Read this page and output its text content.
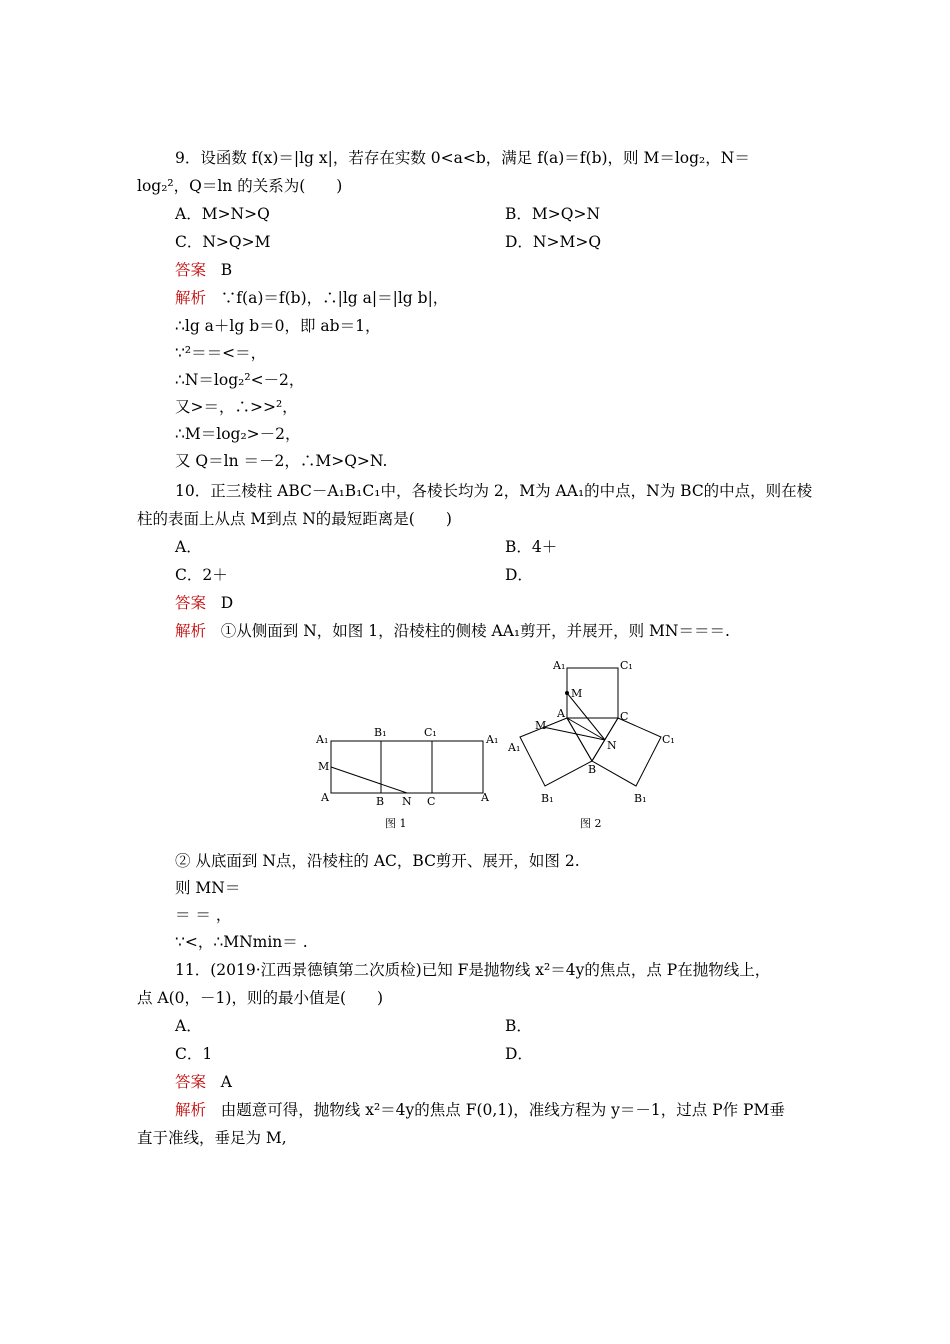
9．设函数 f(x)＝|lg x|，若存在实数 0<a<b，满足 f(a)＝f(b)，则 M＝log₂，N＝
log₂²，Q＝ln 的关系为(　　)
A．M>N>Q	B．M>Q>N
C．N>Q>M	D．N>M>Q
答案 B
解析 ∵f(a)＝f(b)，∴|lg a|＝|lg b|，
∴lg a＋lg b＝0，即 ab＝1，
∵²＝＝<＝，
∴N＝log₂²<－2，
又>＝，∴>>²，
∴M＝log₂>－2，
又 Q＝ln ＝－2，∴M>Q>N.
10．正三棱柱 ABC－A₁B₁C₁中，各棱长均为 2，M为 AA₁的中点，N为 BC的中点，则在棱
柱的表面上从点 M到点 N的最短距离是(　　)
A．	B．4＋
C．2＋	D．
答案 D
解析 ①从侧面到 N，如图 1，沿棱柱的侧棱 AA₁剪开，并展开，则 MN＝＝＝.
A₁
B₁	C₁
A₁
M
A	B N C	A
图 1
A₁	C₁
M
M
A	C
A₁
C₁
N
B
B₁	B₁
图 2
② 从底面到 N点，沿棱柱的 AC，BC剪开、展开，如图 2.
则 MN＝
＝ ＝ ，
∵<，∴MNmin＝ .
11．(2019·江西景德镇第二次质检)已知 F是抛物线 x²＝4y的焦点，点 P在抛物线上，
点 A(0，－1)，则的最小值是(　　)
A．	B．
C．1	D．
答案 A
解析 由题意可得，抛物线 x²＝4y的焦点 F(0,1)，准线方程为 y＝－1，过点 P作 PM垂
直于准线，垂足为 M,
